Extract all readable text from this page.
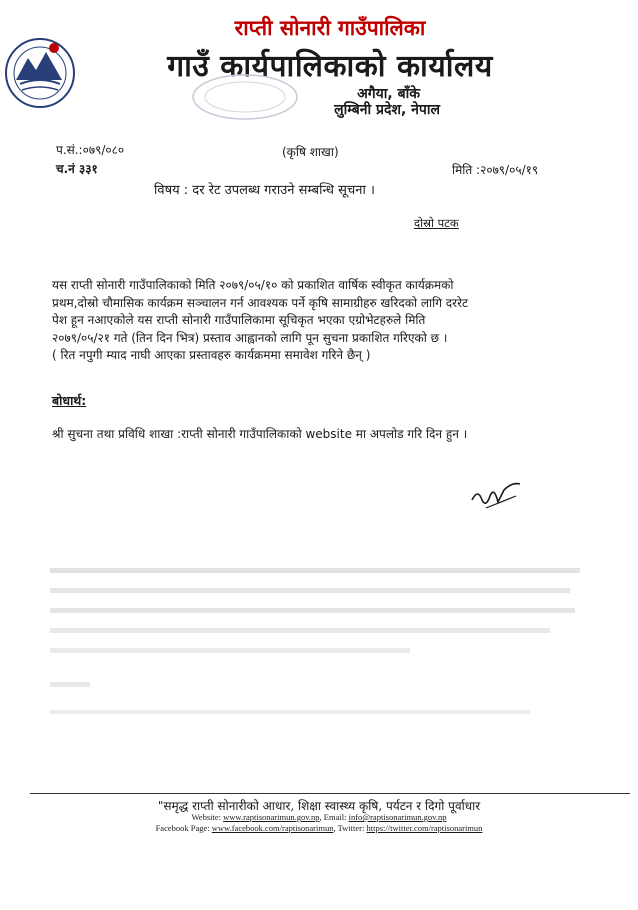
राप्ती सोनारी गाउँपालिका
गाउँ कार्यपालिकाको कार्यालय
अगैया, बाँके
लुम्बिनी प्रदेश, नेपाल
प.सं.:०७९/०८०
च.नं ३३१
(कृषि शाखा)
मिति :२०७९/०५/१९
विषय : दर रेट उपलब्ध गराउने सम्बन्धि सूचना ।
दोस्रो पटक
यस राप्ती सोनारी गाउँपालिकाको मिति २०७९/०५/१० को प्रकाशित वार्षिक स्वीकृत कार्यक्रमको
प्रथम,दोस्रो चौमासिक कार्यक्रम सञ्चालन गर्न आवश्यक पर्ने कृषि सामाग्रीहरु खरिदको लागि दररेट
पेश हून नआएकोले यस राप्ती सोनारी गाउँपालिकामा सूचिकृत भएका एग्रोभेटहरुले मिति
२०७९/०५/२१ गते (तिन दिन भित्र) प्रस्ताव आह्वानको लागि पून सुचना प्रकाशित गरिएको छ ।
( रित नपुगी म्याद नाघी आएका प्रस्तावहरु कार्यक्रममा समावेश गरिने छैन् )
बोधार्थ:
श्री सुचना तथा प्रविधि शाखा :राप्ती सोनारी गाउँपालिकाको website मा अपलोड गरि दिन हुन ।
"समृद्ध राप्ती सोनारीको आधार, शिक्षा स्वास्थ्य कृषि, पर्यटन र दिगो पूर्वाधार
Website: www.raptisonarimun.gov.np, Email: info@raptisonarimun.gov.np
Facebook Page: www.facebook.com/raptisonarimun, Twitter: https://twitter.com/raptisonarimun
